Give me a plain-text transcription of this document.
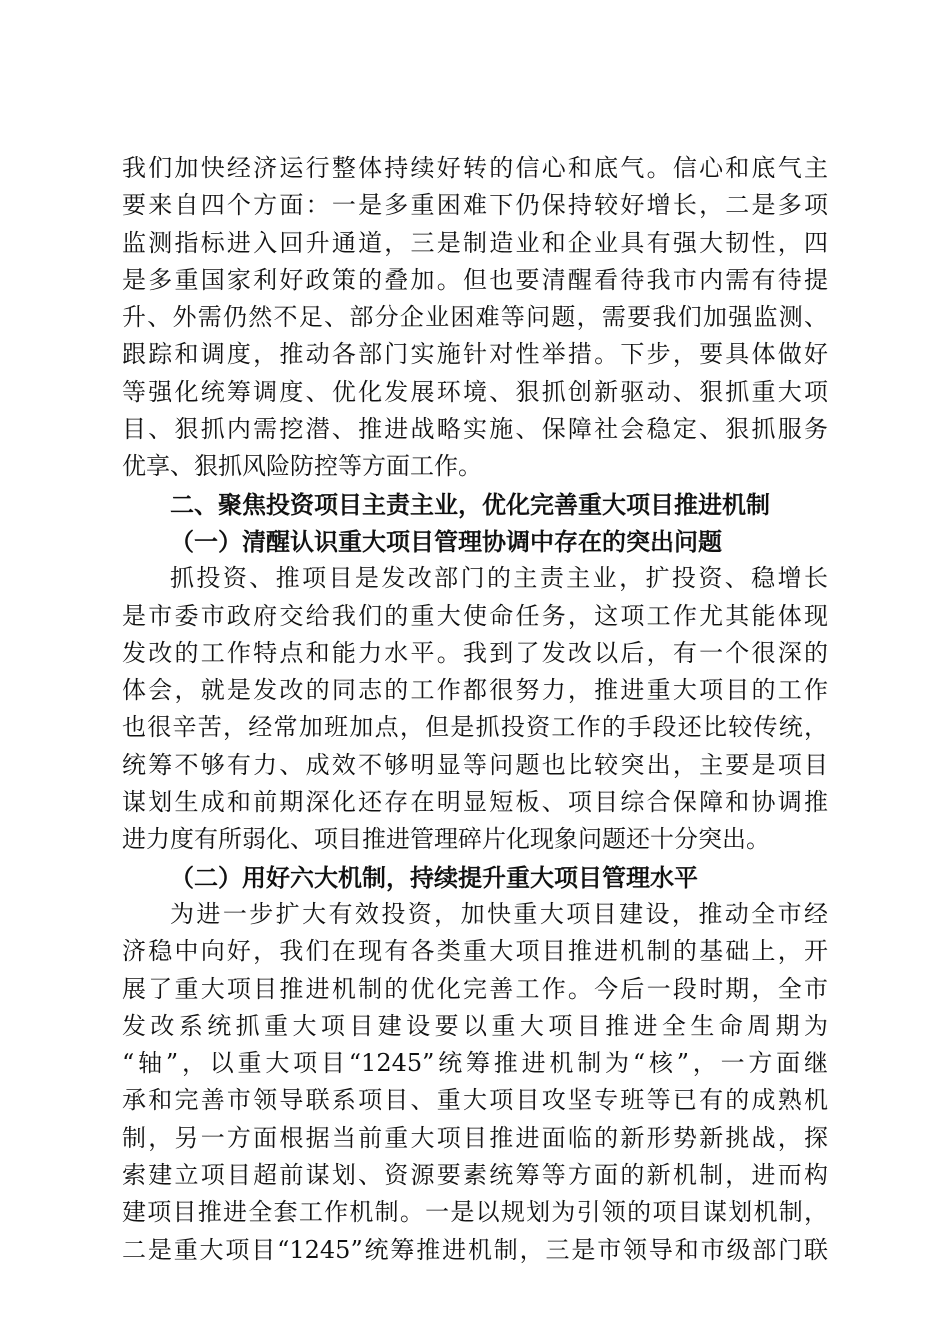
我们加快经济运行整体持续好转的信心和底气。信心和底气主
要来自四个方面：一是多重困难下仍保持较好增长，二是多项
监测指标进入回升通道，三是制造业和企业具有强大韧性，四
是多重国家利好政策的叠加。但也要清醒看待我市内需有待提
升、外需仍然不足、部分企业困难等问题，需要我们加强监测、
跟踪和调度，推动各部门实施针对性举措。下步，要具体做好
等强化统筹调度、优化发展环境、狠抓创新驱动、狠抓重大项
目、狠抓内需挖潜、推进战略实施、保障社会稳定、狠抓服务
优享、狠抓风险防控等方面工作。
二、聚焦投资项目主责主业，优化完善重大项目推进机制
（一）清醒认识重大项目管理协调中存在的突出问题
抓投资、推项目是发改部门的主责主业，扩投资、稳增长
是市委市政府交给我们的重大使命任务，这项工作尤其能体现
发改的工作特点和能力水平。我到了发改以后，有一个很深的
体会，就是发改的同志的工作都很努力，推进重大项目的工作
也很辛苦，经常加班加点，但是抓投资工作的手段还比较传统，
统筹不够有力、成效不够明显等问题也比较突出，主要是项目
谋划生成和前期深化还存在明显短板、项目综合保障和协调推
进力度有所弱化、项目推进管理碎片化现象问题还十分突出。
（二）用好六大机制，持续提升重大项目管理水平
为进一步扩大有效投资，加快重大项目建设，推动全市经
济稳中向好，我们在现有各类重大项目推进机制的基础上，开
展了重大项目推进机制的优化完善工作。今后一段时期，全市
发改系统抓重大项目建设要以重大项目推进全生命周期为
“轴”，以重大项目“1245”统筹推进机制为“核”，一方面继
承和完善市领导联系项目、重大项目攻坚专班等已有的成熟机
制，另一方面根据当前重大项目推进面临的新形势新挑战，探
索建立项目超前谋划、资源要素统筹等方面的新机制，进而构
建项目推进全套工作机制。一是以规划为引领的项目谋划机制，
二是重大项目“1245”统筹推进机制，三是市领导和市级部门联
